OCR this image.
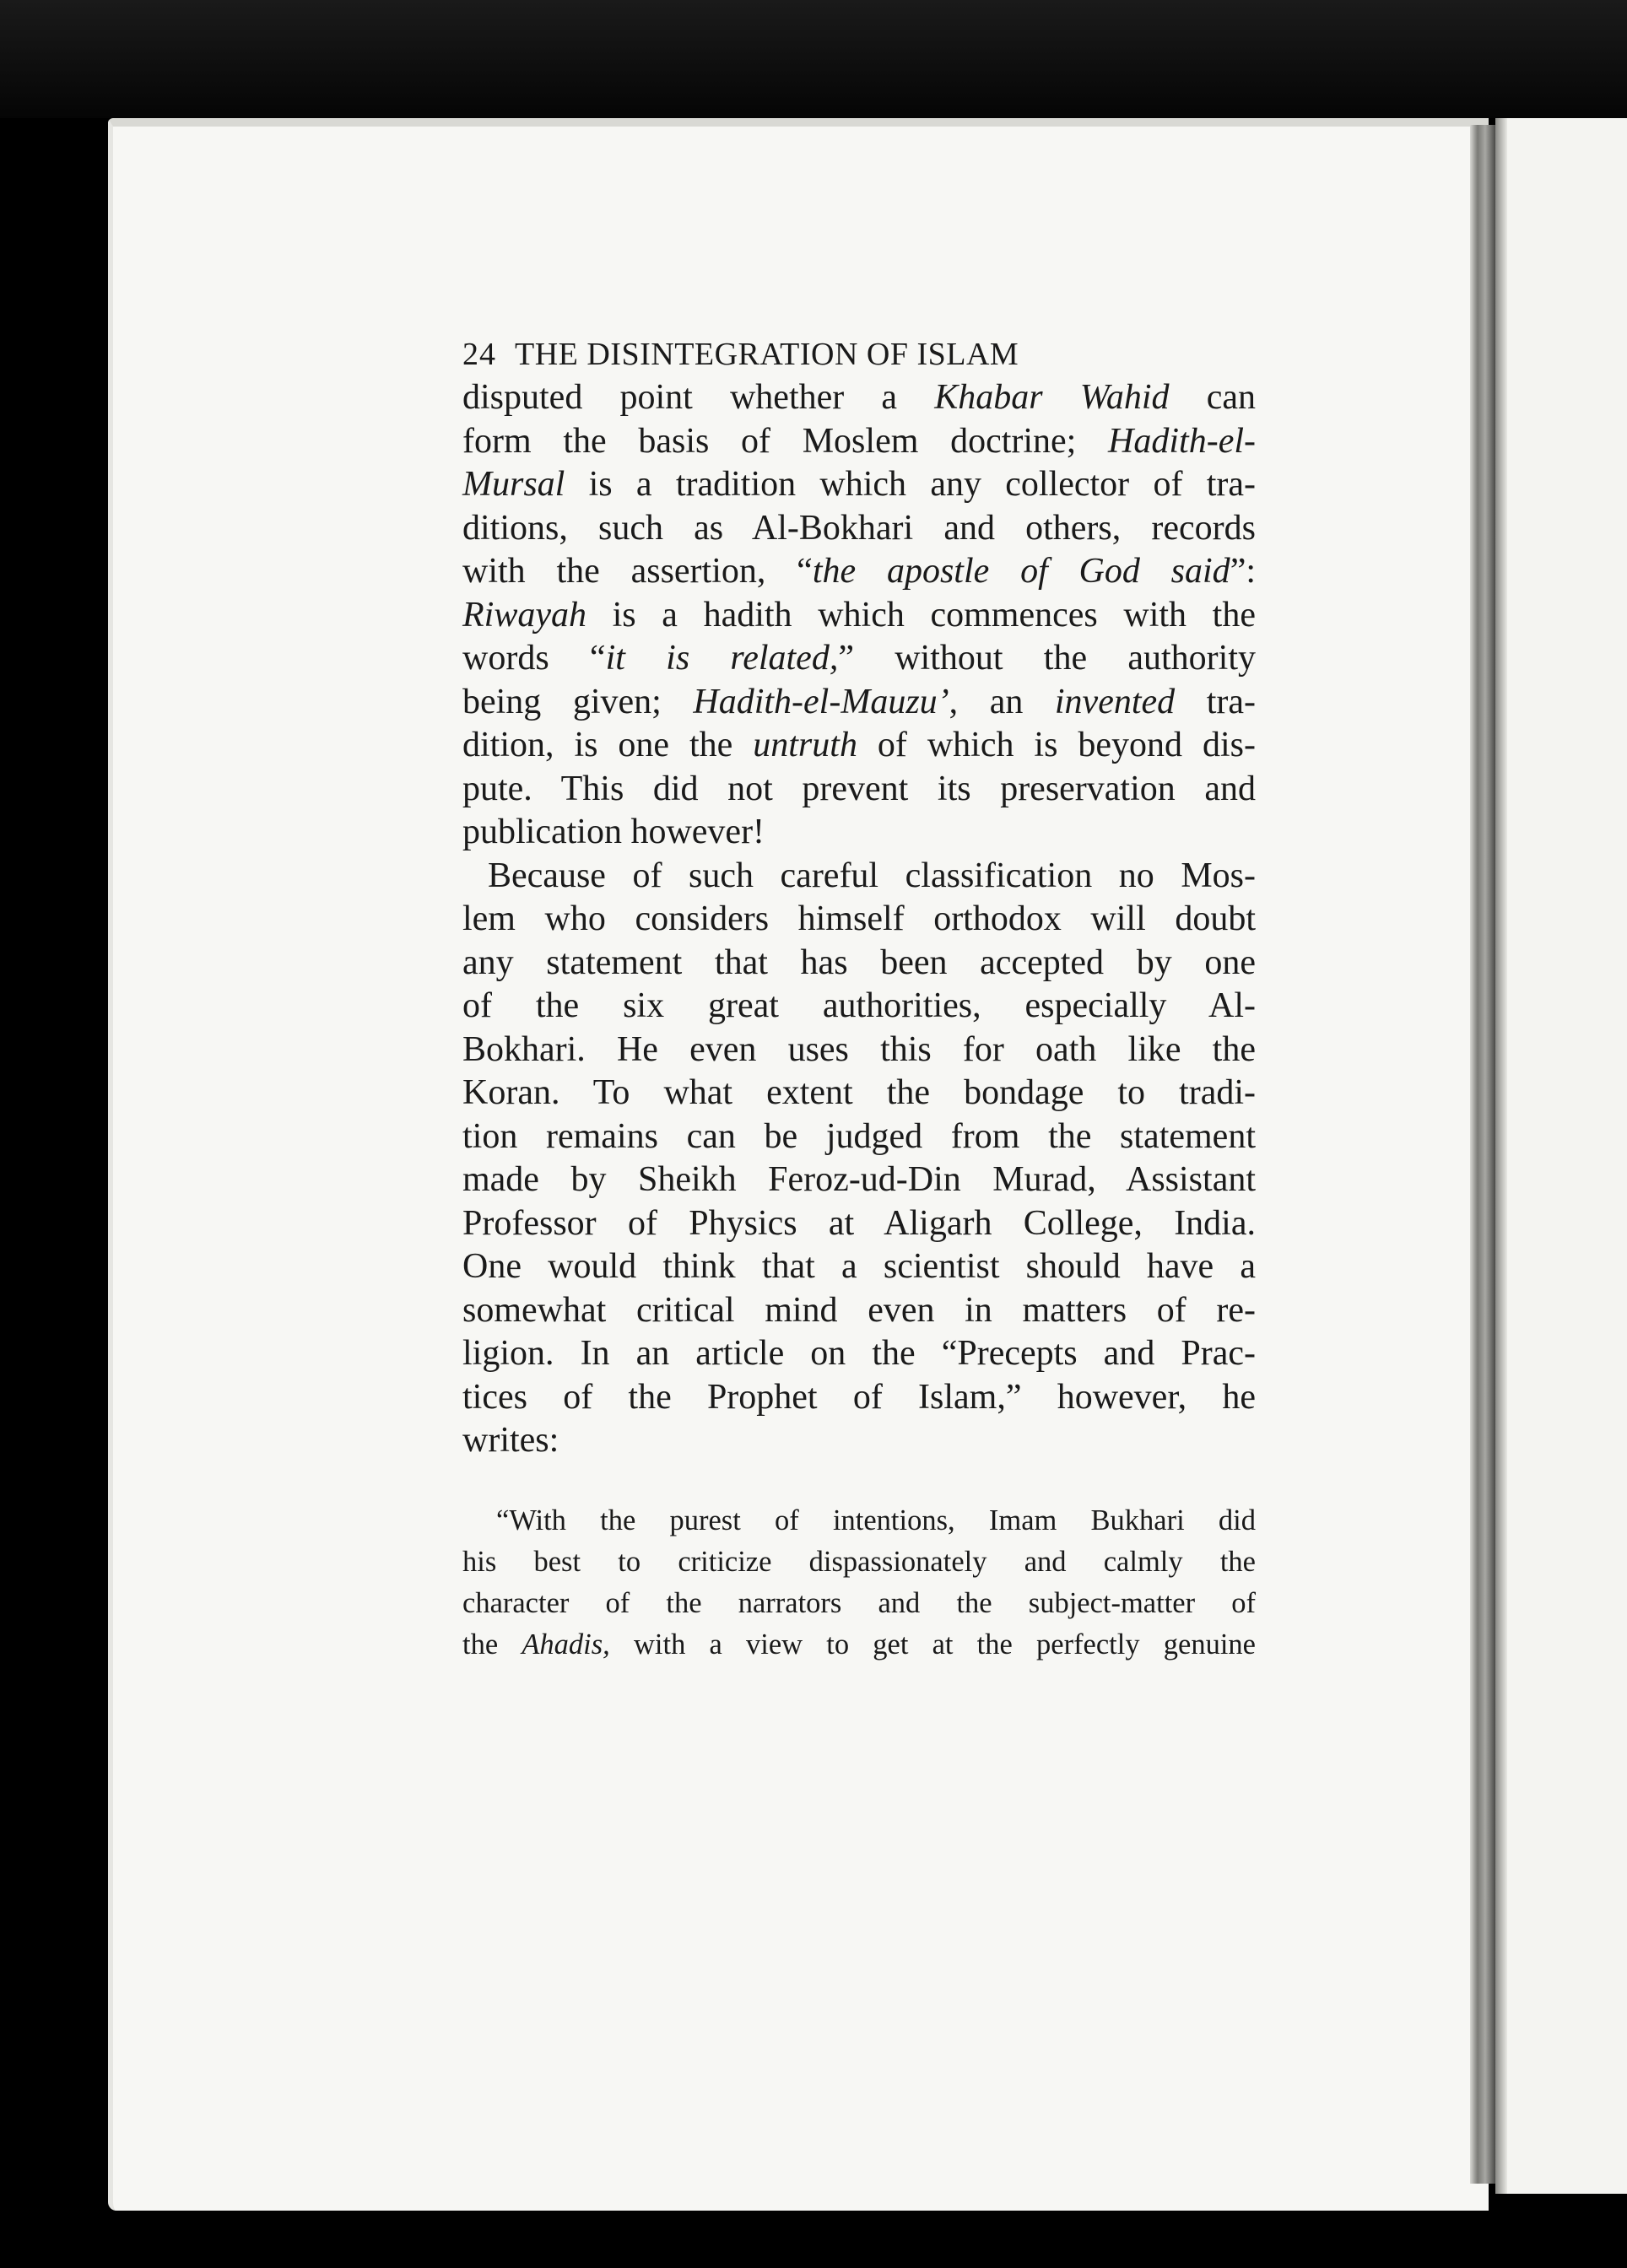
24 THE DISINTEGRATION OF ISLAM
disputed point whether a Khabar Wahid can
form the basis of Moslem doctrine; Hadith-el-
Mursal is a tradition which any collector of tra-
ditions, such as Al-Bokhari and others, records
with the assertion, “the apostle of God said”:
Riwayah is a hadith which commences with the
words “it is related,” without the authority
being given; Hadith-el-Mauzu’, an invented tra-
dition, is one the untruth of which is beyond dis-
pute. This did not prevent its preservation and
publication however!
Because of such careful classification no Mos-
lem who considers himself orthodox will doubt
any statement that has been accepted by one
of the six great authorities, especially Al-
Bokhari. He even uses this for oath like the
Koran. To what extent the bondage to tradi-
tion remains can be judged from the statement
made by Sheikh Feroz-ud-Din Murad, Assistant
Professor of Physics at Aligarh College, India.
One would think that a scientist should have a
somewhat critical mind even in matters of re-
ligion. In an article on the “Precepts and Prac-
tices of the Prophet of Islam,” however, he
writes:
“With the purest of intentions, Imam Bukhari did
his best to criticize dispassionately and calmly the
character of the narrators and the subject-matter of
the Ahadis, with a view to get at the perfectly genuine
